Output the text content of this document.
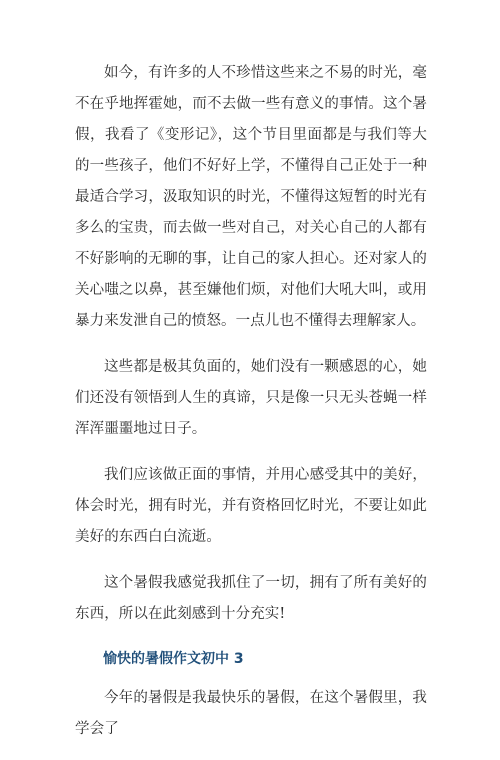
如今，有许多的人不珍惜这些来之不易的时光，毫不在乎地挥霍她，而不去做一些有意义的事情。这个暑假，我看了《变形记》，这个节目里面都是与我们等大的一些孩子，他们不好好上学，不懂得自己正处于一种最适合学习，汲取知识的时光，不懂得这短暂的时光有多么的宝贵，而去做一些对自己，对关心自己的人都有不好影响的无聊的事，让自己的家人担心。还对家人的关心嗤之以鼻，甚至嫌他们烦，对他们大吼大叫，或用暴力来发泄自己的愤怒。一点儿也不懂得去理解家人。

这些都是极其负面的，她们没有一颗感恩的心，她们还没有领悟到人生的真谛，只是像一只无头苍蝇一样浑浑噩噩地过日子。

我们应该做正面的事情，并用心感受其中的美好，体会时光，拥有时光，并有资格回忆时光，不要让如此美好的东西白白流逝。

这个暑假我感觉我抓住了一切，拥有了所有美好的东西，所以在此刻感到十分充实!

愉快的暑假作文初中 3

今年的暑假是我最快乐的暑假，在这个暑假里，我学会了
